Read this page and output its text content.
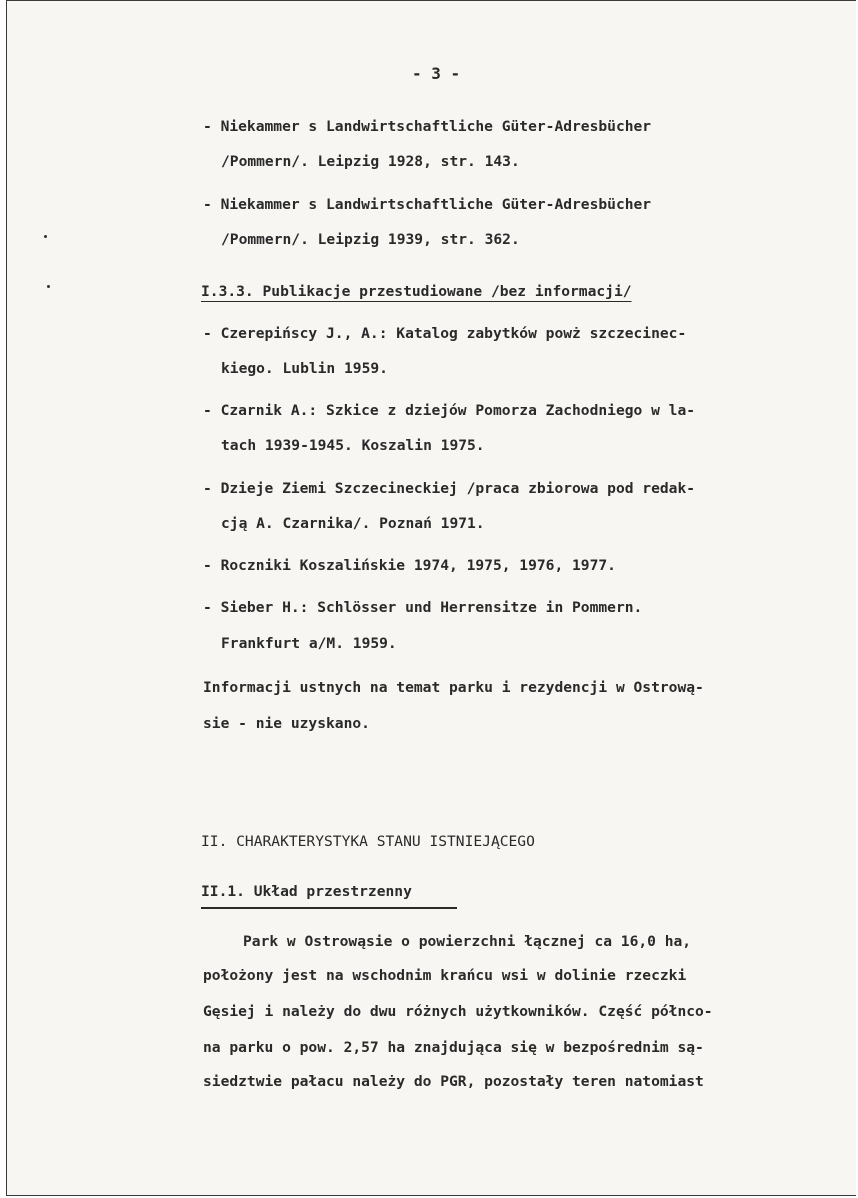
- 3 -
- Niekammer s Landwirtschaftliche Güter-Adresbücher
/Pommern/. Leipzig 1928, str. 143.
- Niekammer s Landwirtschaftliche Güter-Adresbücher
/Pommern/. Leipzig 1939, str. 362.
I.3.3. Publikacje przestudiowane /bez informacji/
- Czerepińscy J., A.: Katalog zabytków powż szczecinec-
kiego. Lublin 1959.
- Czarnik A.: Szkice z dziejów Pomorza Zachodniego w la-
tach 1939-1945. Koszalin 1975.
- Dzieje Ziemi Szczecineckiej /praca zbiorowa pod redak-
cją A. Czarnika/. Poznań 1971.
- Roczniki Koszalińskie 1974, 1975, 1976, 1977.
- Sieber H.: Schlösser und Herrensitze in Pommern.
Frankfurt a/M. 1959.
Informacji ustnych na temat parku i rezydencji w Ostrową-
sie - nie uzyskano.
II. CHARAKTERYSTYKA STANU ISTNIEJĄCEGO
II.1. Układ przestrzenny
Park w Ostrowąsie o powierzchni łącznej ca 16,0 ha,
położony jest na wschodnim krańcu wsi w dolinie rzeczki
Gęsiej i należy do dwu różnych użytkowników. Część półnco-
na parku o pow. 2,57 ha znajdująca się w bezpośrednim są-
siedztwie pałacu należy do PGR, pozostały teren natomiast
